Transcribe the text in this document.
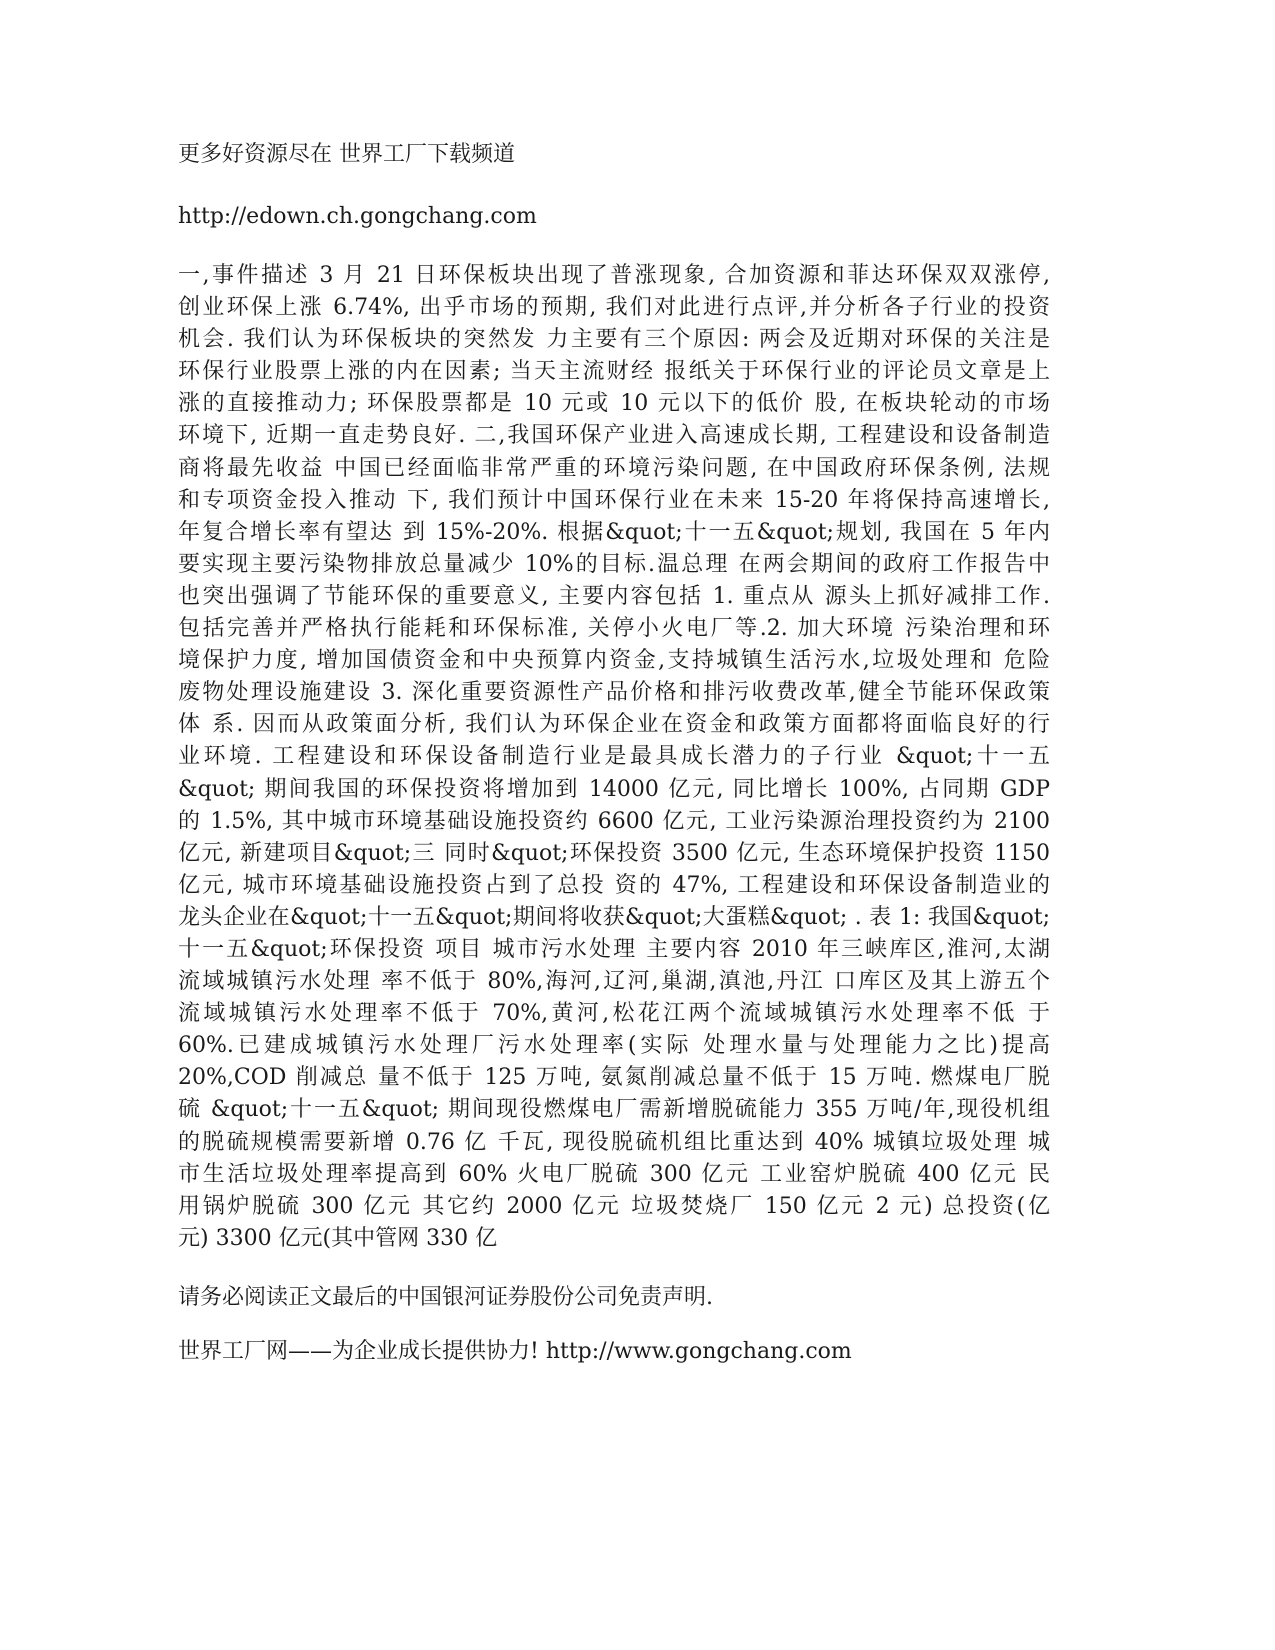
更多好资源尽在 世界工厂下载频道

http://edown.ch.gongchang.com

一,事件描述 3 月 21 日环保板块出现了普涨现象, 合加资源和菲达环保双双涨停,

创业环保上涨 6.74%, 出乎市场的预期, 我们对此进行点评,并分析各子行业的投资

机会. 我们认为环保板块的突然发 力主要有三个原因: 两会及近期对环保的关注是

环保行业股票上涨的内在因素; 当天主流财经 报纸关于环保行业的评论员文章是上

涨的直接推动力; 环保股票都是 10 元或 10 元以下的低价 股, 在板块轮动的市场

环境下, 近期一直走势良好. 二,我国环保产业进入高速成长期, 工程建设和设备制造

商将最先收益 中国已经面临非常严重的环境污染问题, 在中国政府环保条例, 法规

和专项资金投入推动 下, 我们预计中国环保行业在未来 15-20 年将保持高速增长,

年复合增长率有望达 到 15%-20%. 根据&quot;十一五&quot;规划, 我国在 5 年内

要实现主要污染物排放总量减少 10%的目标.温总理 在两会期间的政府工作报告中

也突出强调了节能环保的重要意义, 主要内容包括 1. 重点从 源头上抓好减排工作.

包括完善并严格执行能耗和环保标准, 关停小火电厂等.2. 加大环境 污染治理和环

境保护力度, 增加国债资金和中央预算内资金,支持城镇生活污水,垃圾处理和 危险

废物处理设施建设 3. 深化重要资源性产品价格和排污收费改革,健全节能环保政策

体 系. 因而从政策面分析, 我们认为环保企业在资金和政策方面都将面临良好的行

业环境. 工程建设和环保设备制造行业是最具成长潜力的子行业 &quot;十一五

&quot; 期间我国的环保投资将增加到 14000 亿元, 同比增长 100%, 占同期 GDP

的 1.5%, 其中城市环境基础设施投资约 6600 亿元, 工业污染源治理投资约为 2100

亿元, 新建项目&quot;三 同时&quot;环保投资 3500 亿元, 生态环境保护投资 1150

亿元, 城市环境基础设施投资占到了总投 资的 47%, 工程建设和环保设备制造业的

龙头企业在&quot;十一五&quot;期间将收获&quot;大蛋糕&quot; . 表 1: 我国&quot;

十一五&quot;环保投资 项目 城市污水处理 主要内容 2010 年三峡库区,淮河,太湖

流域城镇污水处理 率不低于 80%,海河,辽河,巢湖,滇池,丹江 口库区及其上游五个

流域城镇污水处理率不低于 70%,黄河,松花江两个流域城镇污水处理率不低 于

60%.已建成城镇污水处理厂污水处理率(实际 处理水量与处理能力之比)提高

20%,COD 削减总 量不低于 125 万吨, 氨氮削减总量不低于 15 万吨. 燃煤电厂脱

硫 &quot;十一五&quot; 期间现役燃煤电厂需新增脱硫能力 355 万吨/年,现役机组

的脱硫规模需要新增 0.76 亿 千瓦, 现役脱硫机组比重达到 40% 城镇垃圾处理 城

市生活垃圾处理率提高到 60% 火电厂脱硫 300 亿元 工业窑炉脱硫 400 亿元 民

用锅炉脱硫 300 亿元 其它约 2000 亿元 垃圾焚烧厂 150 亿元 2 元) 总投资(亿

元) 3300 亿元(其中管网 330 亿

请务必阅读正文最后的中国银河证券股份公司免责声明.

世界工厂网——为企业成长提供协力! http://www.gongchang.com
